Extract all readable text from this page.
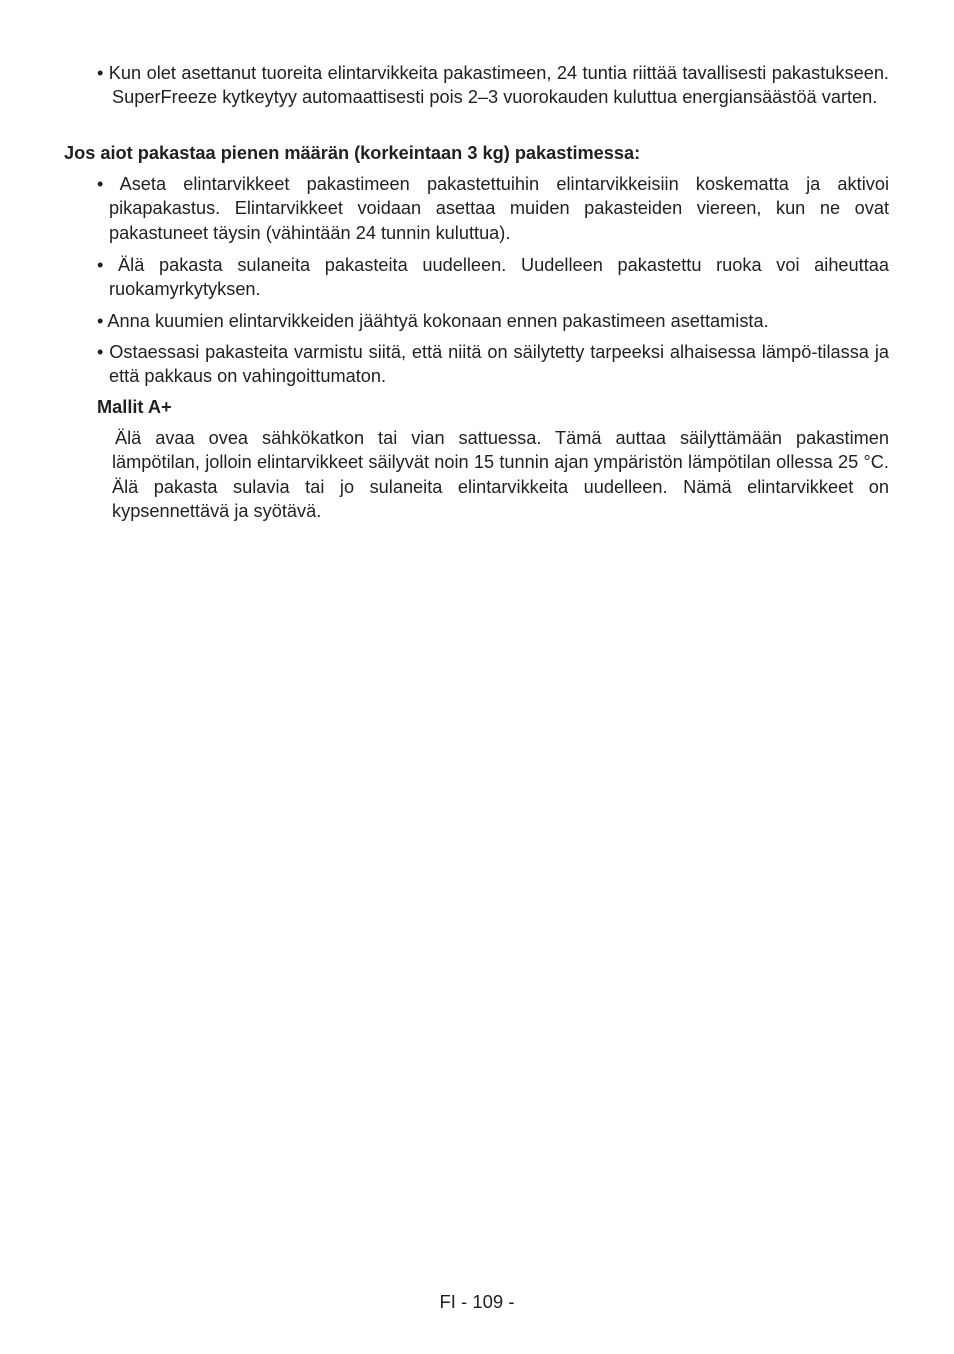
• Kun olet asettanut tuoreita elintarvikkeita pakastimeen, 24 tuntia riittää tavallisesti pakastukseen. SuperFreeze kytkeytyy automaattisesti pois 2–3 vuorokauden kuluttua energiansäästöä varten.
Jos aiot pakastaa pienen määrän (korkeintaan 3 kg) pakastimessa:
• Aseta elintarvikkeet pakastimeen pakastettuihin elintarvikkeisiin koskematta ja aktivoi pikapakastus. Elintarvikkeet voidaan asettaa muiden pakasteiden viereen, kun ne ovat pakastuneet täysin (vähintään 24 tunnin kuluttua).
• Älä pakasta sulaneita pakasteita uudelleen. Uudelleen pakastettu ruoka voi aiheuttaa ruokamyrkytyksen.
• Anna kuumien elintarvikkeiden jäähtyä kokonaan ennen pakastimeen asettamista.
• Ostaessasi pakasteita varmistu siitä, että niitä on säilytetty tarpeeksi alhaisessa lämpö-tilassa ja että pakkaus on vahingoittumaton.
Mallit A+
Älä avaa ovea sähkökatkon tai vian sattuessa. Tämä auttaa säilyttämään pakastimen lämpötilan, jolloin elintarvikkeet säilyvät noin 15 tunnin ajan ympäristön lämpötilan ollessa 25 °C. Älä pakasta sulavia tai jo sulaneita elintarvikkeita uudelleen. Nämä elintarvikkeet on kypsennettävä ja syötävä.
FI - 109 -
